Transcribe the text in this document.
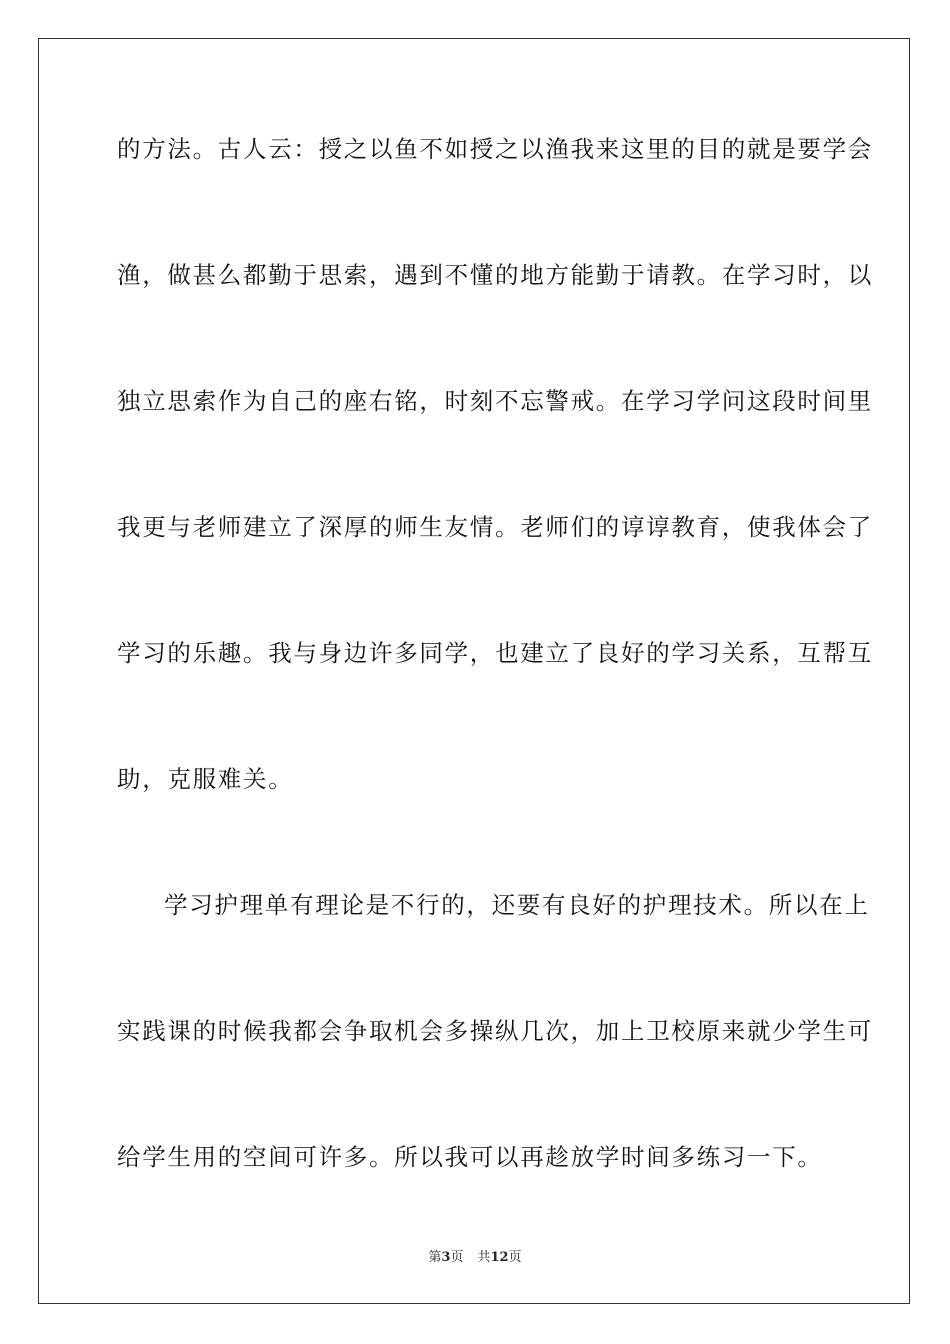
的方法。古人云：授之以鱼不如授之以渔我来这里的目的就是要学会
渔，做甚么都勤于思索，遇到不懂的地方能勤于请教。在学习时，以
独立思索作为自己的座右铭，时刻不忘警戒。在学习学问这段时间里
我更与老师建立了深厚的师生友情。老师们的谆谆教育，使我体会了
学习的乐趣。我与身边许多同学，也建立了良好的学习关系，互帮互
助，克服难关。
学习护理单有理论是不行的，还要有良好的护理技术。所以在上
实践课的时候我都会争取机会多操纵几次，加上卫校原来就少学生可
给学生用的空间可许多。所以我可以再趁放学时间多练习一下。
第3页 共12页
